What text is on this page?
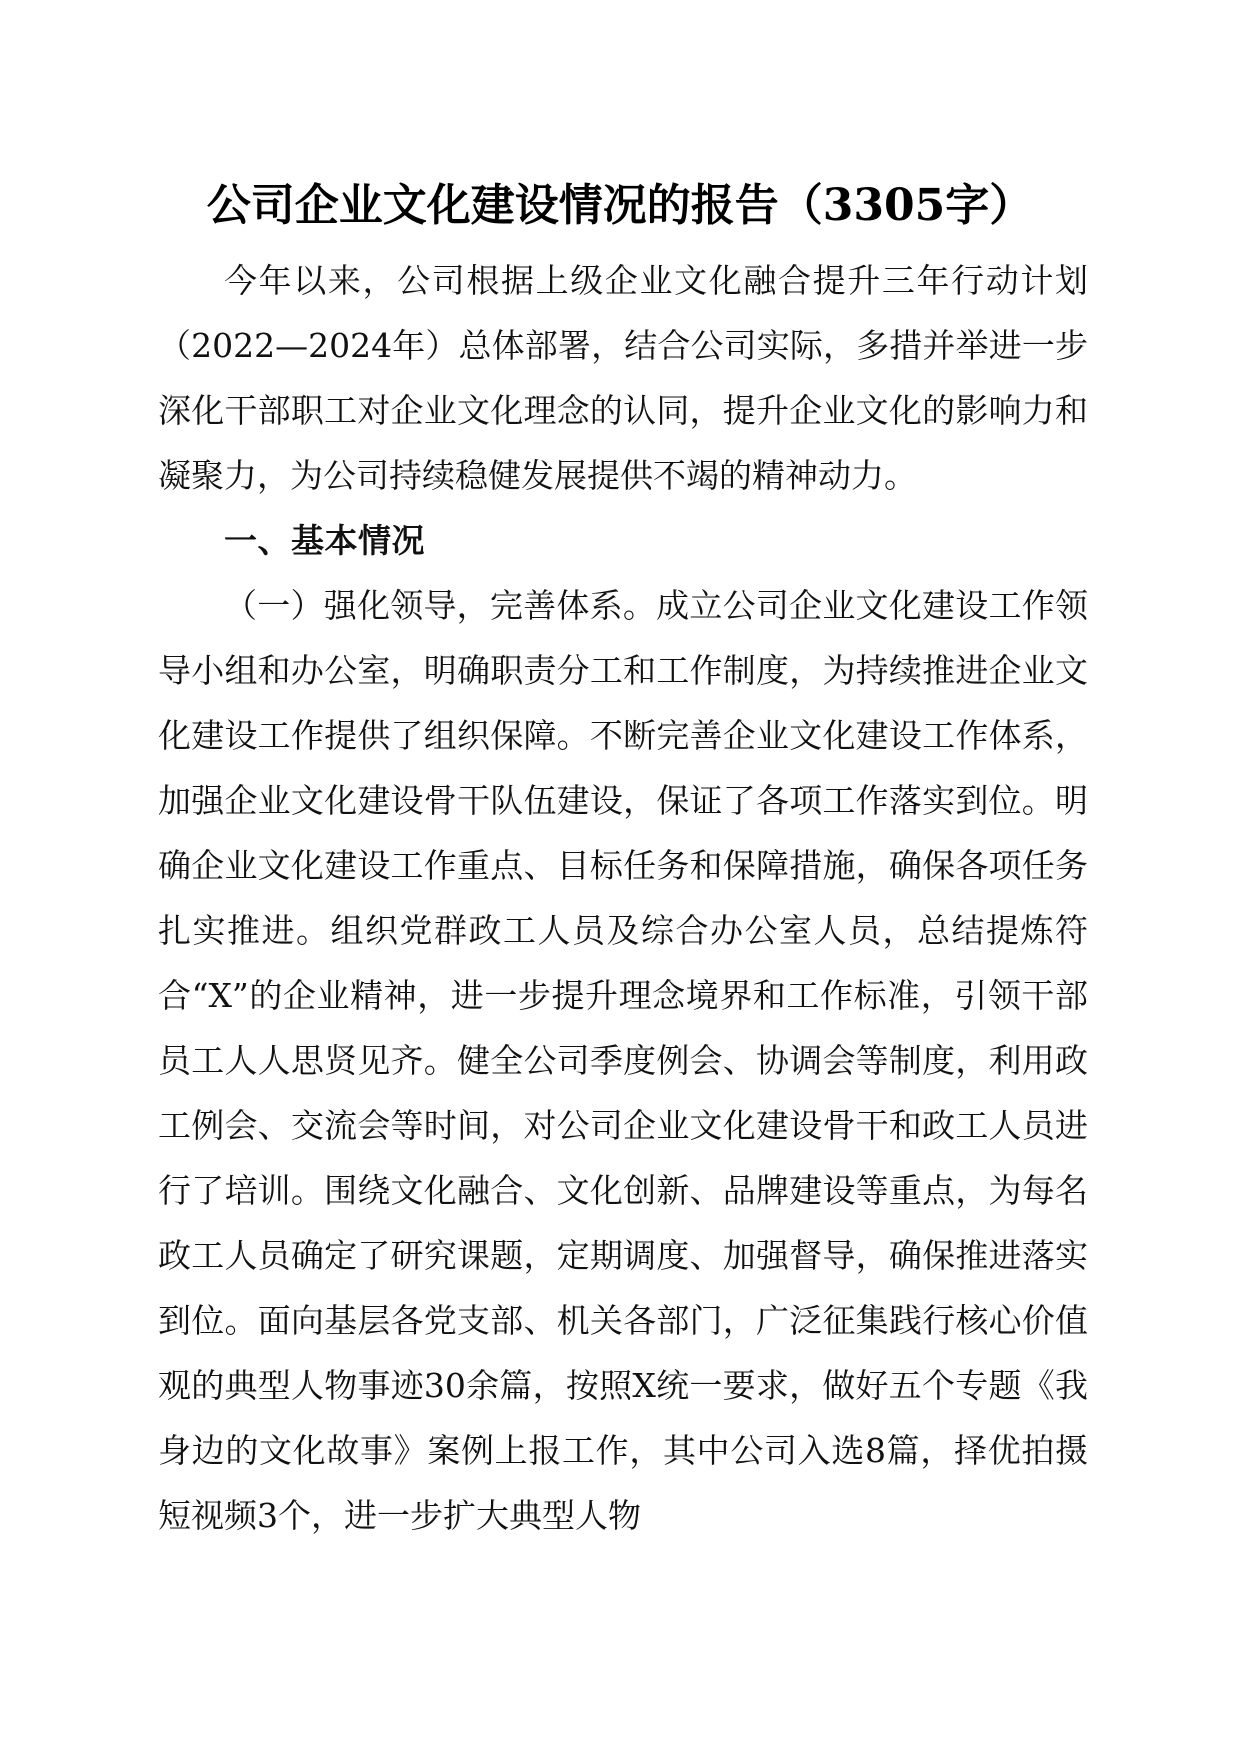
公司企业文化建设情况的报告（3305字）

今年以来，公司根据上级企业文化融合提升三年行动计划（2022—2024年）总体部署，结合公司实际，多措并举进一步深化干部职工对企业文化理念的认同，提升企业文化的影响力和凝聚力，为公司持续稳健发展提供不竭的精神动力。

一、基本情况

（一）强化领导，完善体系。成立公司企业文化建设工作领导小组和办公室，明确职责分工和工作制度，为持续推进企业文化建设工作提供了组织保障。不断完善企业文化建设工作体系，加强企业文化建设骨干队伍建设，保证了各项工作落实到位。明确企业文化建设工作重点、目标任务和保障措施，确保各项任务扎实推进。组织党群政工人员及综合办公室人员，总结提炼符合“X”的企业精神，进一步提升理念境界和工作标准，引领干部员工人人思贤见齐。健全公司季度例会、协调会等制度，利用政工例会、交流会等时间，对公司企业文化建设骨干和政工人员进行了培训。围绕文化融合、文化创新、品牌建设等重点，为每名政工人员确定了研究课题，定期调度、加强督导，确保推进落实到位。面向基层各党支部、机关各部门，广泛征集践行核心价值观的典型人物事迹30余篇，按照X统一要求，做好五个专题《我身边的文化故事》案例上报工作，其中公司入选8篇，择优拍摄短视频3个，进一步扩大典型人物
